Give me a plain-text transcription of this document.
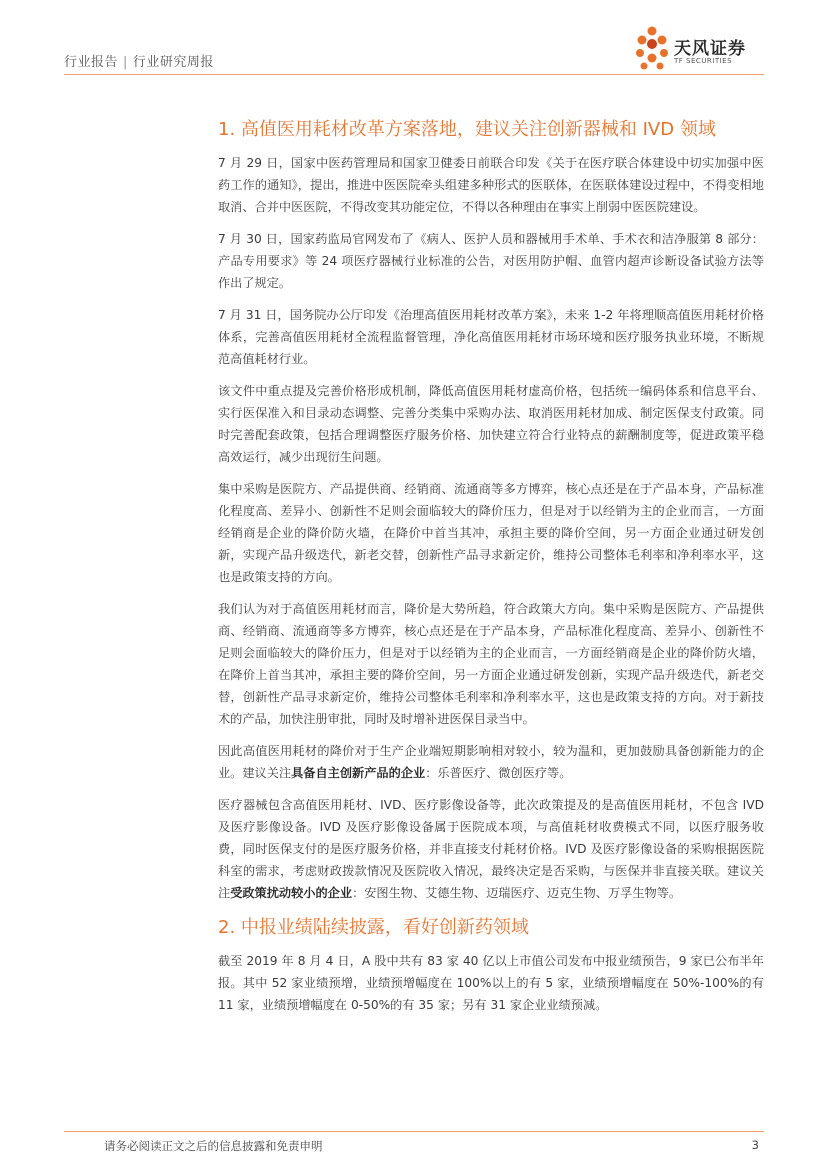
行业报告 | 行业研究周报
天风证券
TF SECURITIES
1. 高值医用耗材改革方案落地，建议关注创新器械和 IVD 领域

7 月 29 日，国家中医药管理局和国家卫健委日前联合印发《关于在医疗联合体建设中切实加强中医药工作的通知》，提出，推进中医医院牵头组建多种形式的医联体，在医联体建设过程中，不得变相地取消、合并中医医院，不得改变其功能定位，不得以各种理由在事实上削弱中医医院建设。

7 月 30 日，国家药监局官网发布了《病人、医护人员和器械用手术单、手术衣和洁净服第 8 部分：产品专用要求》等 24 项医疗器械行业标准的公告，对医用防护帽、血管内超声诊断设备试验方法等作出了规定。

7 月 31 日，国务院办公厅印发《治理高值医用耗材改革方案》，未来 1-2 年将理顺高值医用耗材价格体系，完善高值医用耗材全流程监督管理，净化高值医用耗材市场环境和医疗服务执业环境，不断规范高值耗材行业。

该文件中重点提及完善价格形成机制，降低高值医用耗材虚高价格，包括统一编码体系和信息平台、实行医保准入和目录动态调整、完善分类集中采购办法、取消医用耗材加成、制定医保支付政策。同时完善配套政策，包括合理调整医疗服务价格、加快建立符合行业特点的薪酬制度等，促进政策平稳高效运行，减少出现衍生问题。

集中采购是医院方、产品提供商、经销商、流通商等多方博弈，核心点还是在于产品本身，产品标准化程度高、差异小、创新性不足则会面临较大的降价压力，但是对于以经销为主的企业而言，一方面经销商是企业的降价防火墙，在降价中首当其冲，承担主要的降价空间，另一方面企业通过研发创新，实现产品升级迭代，新老交替，创新性产品寻求新定价，维持公司整体毛利率和净利率水平，这也是政策支持的方向。

我们认为对于高值医用耗材而言，降价是大势所趋，符合政策大方向。集中采购是医院方、产品提供商、经销商、流通商等多方博弈，核心点还是在于产品本身，产品标准化程度高、差异小、创新性不足则会面临较大的降价压力，但是对于以经销为主的企业而言，一方面经销商是企业的降价防火墙，在降价上首当其冲，承担主要的降价空间，另一方面企业通过研发创新，实现产品升级迭代，新老交替，创新性产品寻求新定价，维持公司整体毛利率和净利率水平，这也是政策支持的方向。对于新技术的产品，加快注册审批，同时及时增补进医保目录当中。

因此高值医用耗材的降价对于生产企业端短期影响相对较小，较为温和，更加鼓励具备创新能力的企业。建议关注具备自主创新产品的企业：乐普医疗、微创医疗等。

医疗器械包含高值医用耗材、IVD、医疗影像设备等，此次政策提及的是高值医用耗材，不包含 IVD 及医疗影像设备。IVD 及医疗影像设备属于医院成本项，与高值耗材收费模式不同，以医疗服务收费，同时医保支付的是医疗服务价格，并非直接支付耗材价格。IVD 及医疗影像设备的采购根据医院科室的需求，考虑财政拨款情况及医院收入情况，最终决定是否采购，与医保并非直接关联。建议关注受政策扰动较小的企业：安图生物、艾德生物、迈瑞医疗、迈克生物、万孚生物等。

2. 中报业绩陆续披露，看好创新药领域

截至 2019 年 8 月 4 日，A 股中共有 83 家 40 亿以上市值公司发布中报业绩预告，9 家已公布半年报。其中 52 家业绩预增，业绩预增幅度在 100%以上的有 5 家，业绩预增幅度在 50%-100%的有 11 家，业绩预增幅度在 0-50%的有 35 家；另有 31 家企业业绩预减。

请务必阅读正文之后的信息披露和免责申明	3
